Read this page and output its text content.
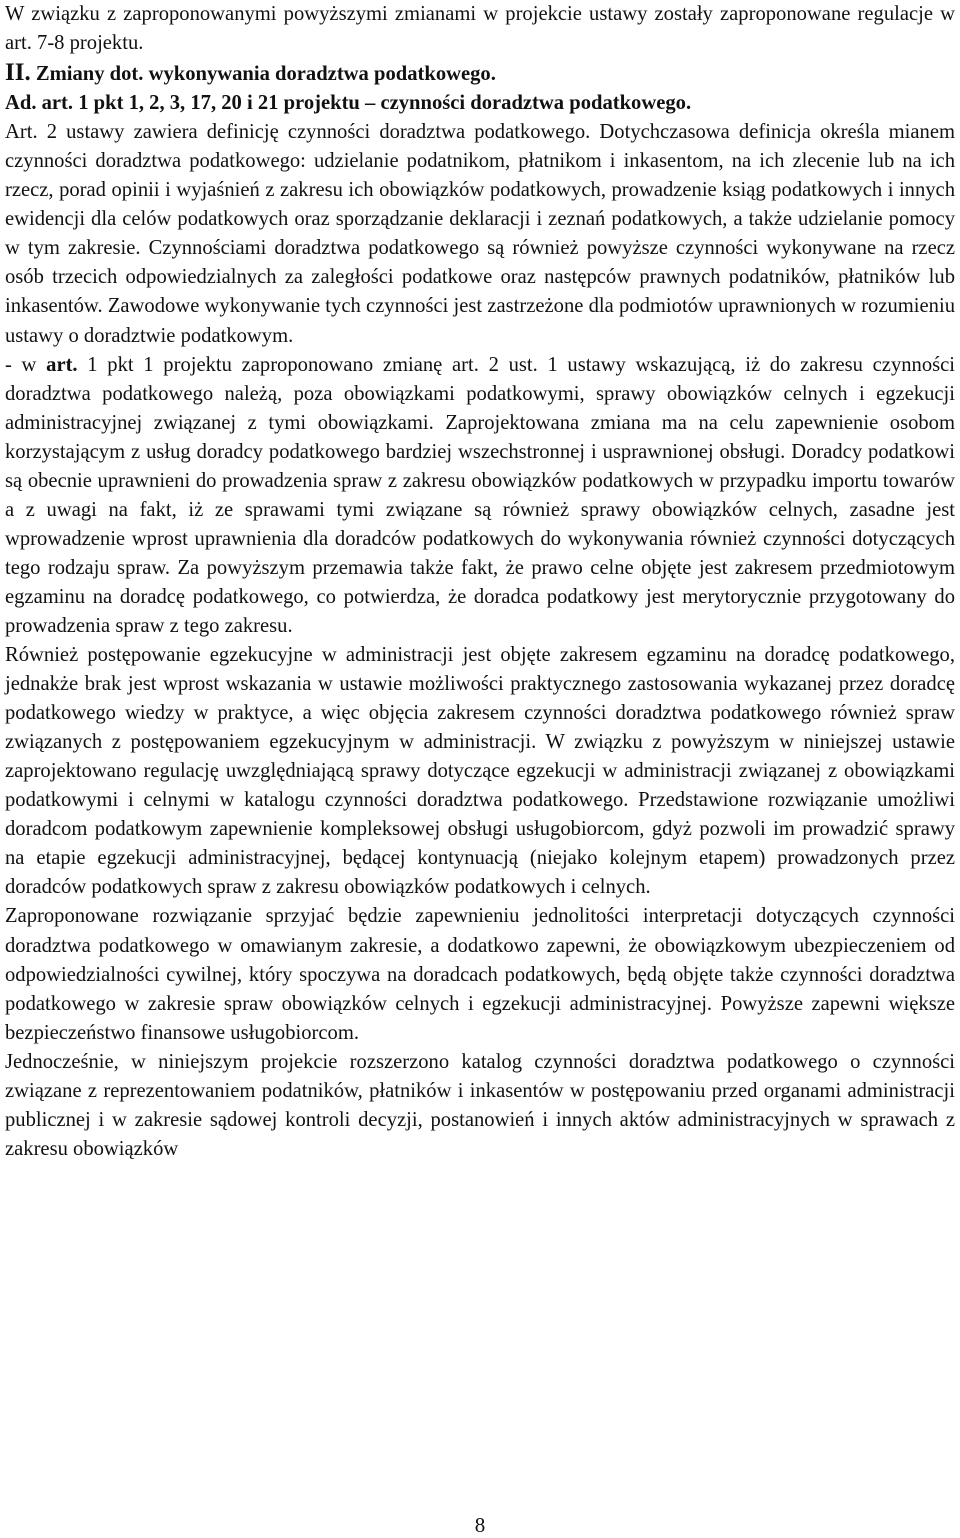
W związku z zaproponowanymi powyższymi zmianami w projekcie ustawy zostały zaproponowane regulacje w art. 7-8 projektu.

II. Zmiany dot. wykonywania doradztwa podatkowego.

Ad. art. 1 pkt 1, 2, 3, 17, 20 i 21 projektu – czynności doradztwa podatkowego.

Art. 2 ustawy zawiera definicję czynności doradztwa podatkowego. Dotychczasowa definicja określa mianem czynności doradztwa podatkowego: udzielanie podatnikom, płatnikom i inkasentom, na ich zlecenie lub na ich rzecz, porad opinii i wyjaśnień z zakresu ich obowiązków podatkowych, prowadzenie ksiąg podatkowych i innych ewidencji dla celów podatkowych oraz sporządzanie deklaracji i zeznań podatkowych, a także udzielanie pomocy w tym zakresie. Czynnościami doradztwa podatkowego są również powyższe czynności wykonywane na rzecz osób trzecich odpowiedzialnych za zaległości podatkowe oraz następców prawnych podatników, płatników lub inkasentów. Zawodowe wykonywanie tych czynności jest zastrzeżone dla podmiotów uprawnionych w rozumieniu ustawy o doradztwie podatkowym.

- w art. 1 pkt 1 projektu zaproponowano zmianę art. 2 ust. 1 ustawy wskazującą, iż do zakresu czynności doradztwa podatkowego należą, poza obowiązkami podatkowymi, sprawy obowiązków celnych i egzekucji administracyjnej związanej z tymi obowiązkami. Zaprojektowana zmiana ma na celu zapewnienie osobom korzystającym z usług doradcy podatkowego bardziej wszechstronnej i usprawnionej obsługi. Doradcy podatkowi są obecnie uprawnieni do prowadzenia spraw z zakresu obowiązków podatkowych w przypadku importu towarów a z uwagi na fakt, iż ze sprawami tymi związane są również sprawy obowiązków celnych, zasadne jest wprowadzenie wprost uprawnienia dla doradców podatkowych do wykonywania również czynności dotyczących tego rodzaju spraw. Za powyższym przemawia także fakt, że prawo celne objęte jest zakresem przedmiotowym egzaminu na doradcę podatkowego, co potwierdza, że doradca podatkowy jest merytorycznie przygotowany do prowadzenia spraw z tego zakresu.

Również postępowanie egzekucyjne w administracji jest objęte zakresem egzaminu na doradcę podatkowego, jednakże brak jest wprost wskazania w ustawie możliwości praktycznego zastosowania wykazanej przez doradcę podatkowego wiedzy w praktyce, a więc objęcia zakresem czynności doradztwa podatkowego również spraw związanych z postępowaniem egzekucyjnym w administracji. W związku z powyższym w niniejszej ustawie zaprojektowano regulację uwzględniającą sprawy dotyczące egzekucji w administracji związanej z obowiązkami podatkowymi i celnymi w katalogu czynności doradztwa podatkowego. Przedstawione rozwiązanie umożliwi doradcom podatkowym zapewnienie kompleksowej obsługi usługobiorcom, gdyż pozwoli im prowadzić sprawy na etapie egzekucji administracyjnej, będącej kontynuacją (niejako kolejnym etapem) prowadzonych przez doradców podatkowych spraw z zakresu obowiązków podatkowych i celnych.

Zaproponowane rozwiązanie sprzyjać będzie zapewnieniu jednolitości interpretacji dotyczących czynności doradztwa podatkowego w omawianym zakresie, a dodatkowo zapewni, że obowiązkowym ubezpieczeniem od odpowiedzialności cywilnej, który spoczywa na doradcach podatkowych, będą objęte także czynności doradztwa podatkowego w zakresie spraw obowiązków celnych i egzekucji administracyjnej. Powyższe zapewni większe bezpieczeństwo finansowe usługobiorcom.

Jednocześnie, w niniejszym projekcie rozszerzono katalog czynności doradztwa podatkowego o czynności związane z reprezentowaniem podatników, płatników i inkasentów w postępowaniu przed organami administracji publicznej i w zakresie sądowej kontroli decyzji, postanowień i innych aktów administracyjnych w sprawach z zakresu obowiązków

8
